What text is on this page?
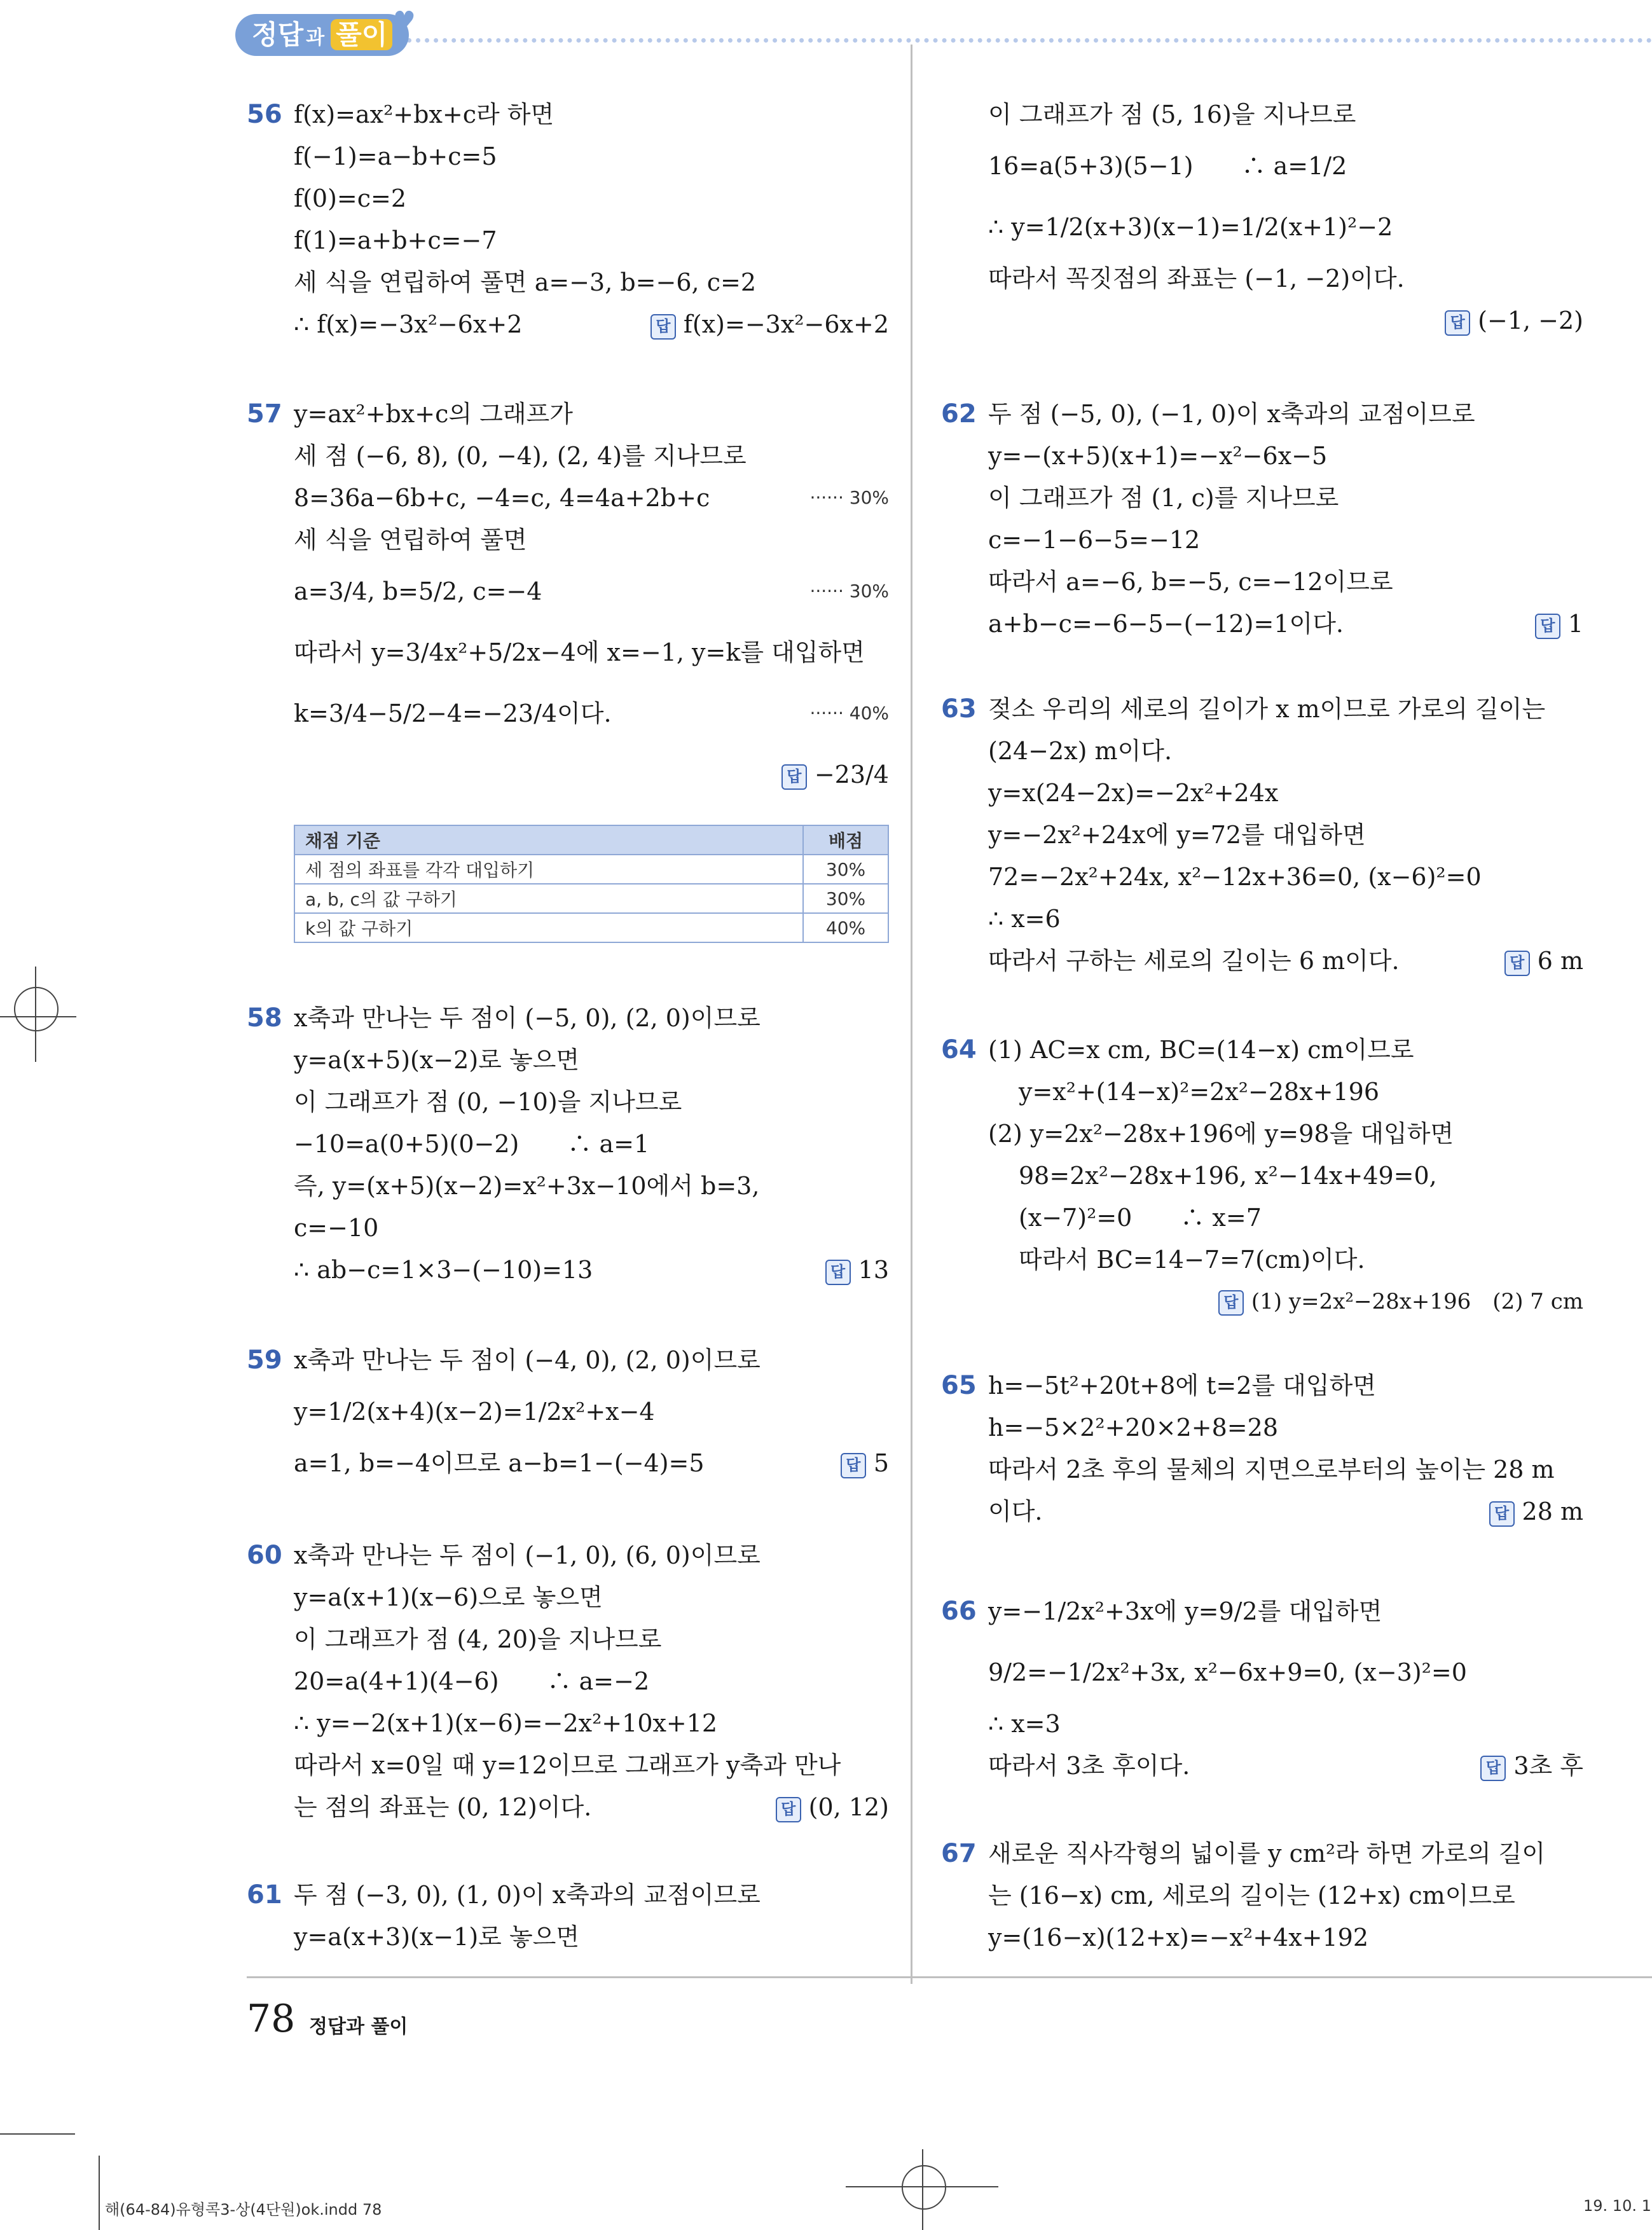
정답 과 풀이 ♥
56 f(x)=ax²+bx+c라 하면
f(−1)=a−b+c=5
f(0)=c=2
f(1)=a+b+c=−7
세 식을 연립하여 풀면 a=−3, b=−6, c=2
∴ f(x)=−3x²−6x+2	답 f(x)=−3x²−6x+2
57 y=ax²+bx+c의 그래프가
세 점 (−6, 8), (0, −4), (2, 4)를 지나므로
8=36a−6b+c, −4=c, 4=4a+2b+c	······ 30%
세 식을 연립하여 풀면
a=3/4, b=5/2, c=−4	······ 30%
따라서 y=3/4x²+5/2x−4에 x=−1, y=k를 대입하면
k=3/4−5/2−4=−23/4이다.	······ 40%
답 −23/4
채점 기준	배점
세 점의 좌표를 각각 대입하기	30%
a, b, c의 값 구하기	30%
k의 값 구하기	40%
58 x축과 만나는 두 점이 (−5, 0), (2, 0)이므로
y=a(x+5)(x−2)로 놓으면
이 그래프가 점 (0, −10)을 지나므로
−10=a(0+5)(0−2)　　∴ a=1
즉, y=(x+5)(x−2)=x²+3x−10에서 b=3,
c=−10
∴ ab−c=1×3−(−10)=13	답 13
59 x축과 만나는 두 점이 (−4, 0), (2, 0)이므로
y=1/2(x+4)(x−2)=1/2x²+x−4
a=1, b=−4이므로 a−b=1−(−4)=5	답 5
60 x축과 만나는 두 점이 (−1, 0), (6, 0)이므로
y=a(x+1)(x−6)으로 놓으면
이 그래프가 점 (4, 20)을 지나므로
20=a(4+1)(4−6)　　∴ a=−2
∴ y=−2(x+1)(x−6)=−2x²+10x+12
따라서 x=0일 때 y=12이므로 그래프가 y축과 만나
는 점의 좌표는 (0, 12)이다.	답 (0, 12)
61 두 점 (−3, 0), (1, 0)이 x축과의 교점이므로
y=a(x+3)(x−1)로 놓으면
이 그래프가 점 (5, 16)을 지나므로
16=a(5+3)(5−1)　　∴ a=1/2
∴ y=1/2(x+3)(x−1)=1/2(x+1)²−2
따라서 꼭짓점의 좌표는 (−1, −2)이다.
답 (−1, −2)
62 두 점 (−5, 0), (−1, 0)이 x축과의 교점이므로
y=−(x+5)(x+1)=−x²−6x−5
이 그래프가 점 (1, c)를 지나므로
c=−1−6−5=−12
따라서 a=−6, b=−5, c=−12이므로
a+b−c=−6−5−(−12)=1이다.	답 1
63 젖소 우리의 세로의 길이가 x m이므로 가로의 길이는
(24−2x) m이다.
y=x(24−2x)=−2x²+24x
y=−2x²+24x에 y=72를 대입하면
72=−2x²+24x, x²−12x+36=0, (x−6)²=0
∴ x=6
따라서 구하는 세로의 길이는 6 m이다.	답 6 m
64 (1) AC=x cm, BC=(14−x) cm이므로
y=x²+(14−x)²=2x²−28x+196
(2) y=2x²−28x+196에 y=98을 대입하면
98=2x²−28x+196, x²−14x+49=0,
(x−7)²=0　　∴ x=7
따라서 BC=14−7=7(cm)이다.
답 (1) y=2x²−28x+196　(2) 7 cm
65 h=−5t²+20t+8에 t=2를 대입하면
h=−5×2²+20×2+8=28
따라서 2초 후의 물체의 지면으로부터의 높이는 28 m
이다.	답 28 m
66 y=−1/2x²+3x에 y=9/2를 대입하면
9/2=−1/2x²+3x, x²−6x+9=0, (x−3)²=0
∴ x=3
따라서 3초 후이다.	답 3초 후
67 새로운 직사각형의 넓이를 y cm²라 하면 가로의 길이
는 (16−x) cm, 세로의 길이는 (12+x) cm이므로
y=(16−x)(12+x)=−x²+4x+192
78 정답과 풀이
해(64-84)유형콕3-상(4단원)ok.indd 78	19. 10. 1
